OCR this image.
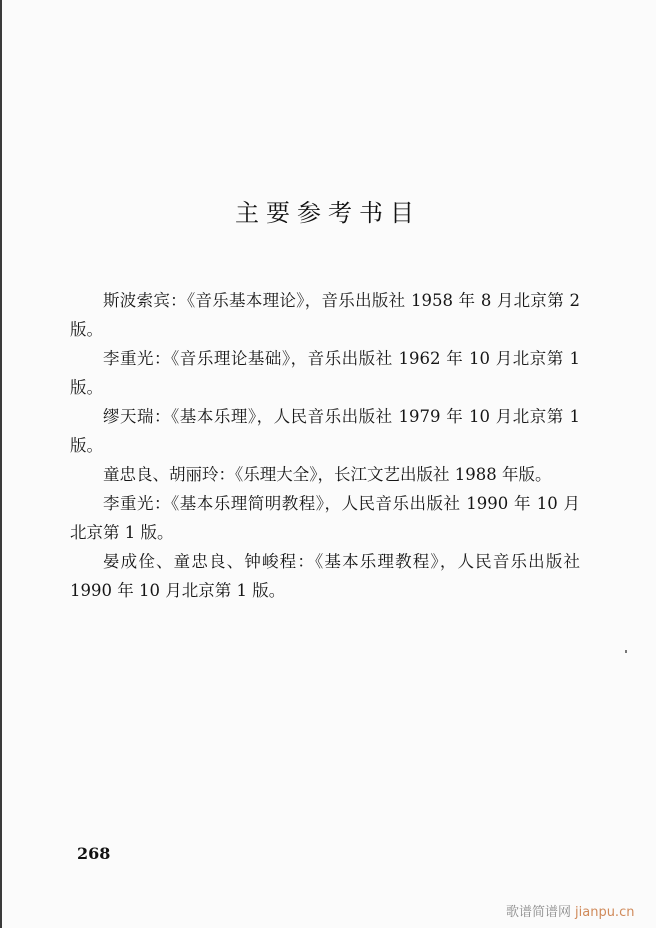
主要参考书目
斯波索宾：《音乐基本理论》，音乐出版社 1958 年 8 月北京第 2 版。
李重光：《音乐理论基础》，音乐出版社 1962 年 10 月北京第 1 版。
缪天瑞：《基本乐理》，人民音乐出版社 1979 年 10 月北京第 1 版。
童忠良、胡丽玲：《乐理大全》，长江文艺出版社 1988 年版。
李重光：《基本乐理简明教程》，人民音乐出版社 1990 年 10 月北京第 1 版。
晏成佺、童忠良、钟峻程：《基本乐理教程》，人民音乐出版社 1990 年 10 月北京第 1 版。
268
歌谱简谱网 jianpu.cn
